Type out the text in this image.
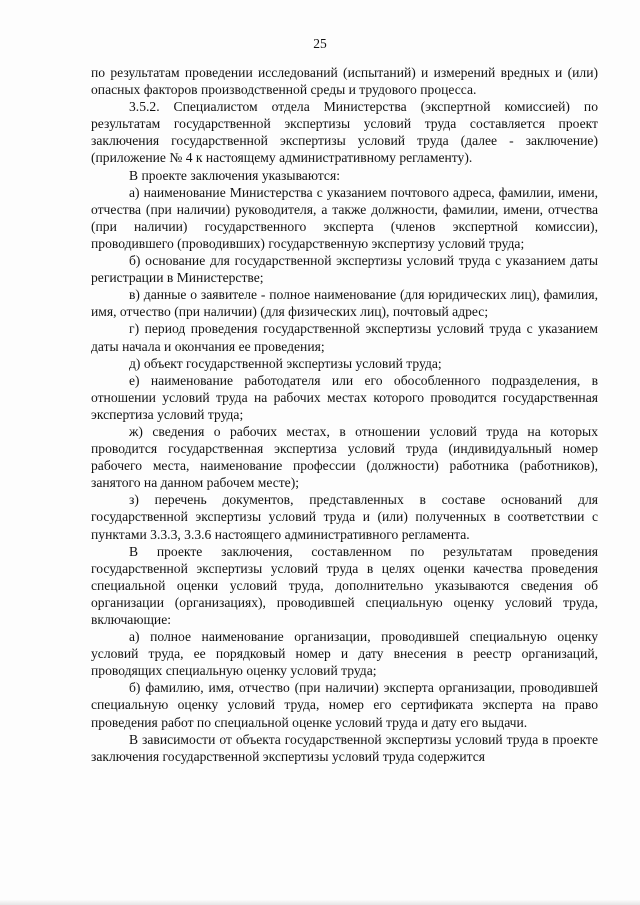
25

по результатам проведении исследований (испытаний) и измерений вредных и (или) опасных факторов производственной среды и трудового процесса.

3.5.2. Специалистом отдела Министерства (экспертной комиссией) по результатам государственной экспертизы условий труда составляется проект заключения государственной экспертизы условий труда (далее - заключение) (приложение № 4 к настоящему административному регламенту).

В проекте заключения указываются:

а) наименование Министерства с указанием почтового адреса, фамилии, имени, отчества (при наличии) руководителя, а также должности, фамилии, имени, отчества (при наличии) государственного эксперта (членов экспертной комиссии), проводившего (проводивших) государственную экспертизу условий труда;

б) основание для государственной экспертизы условий труда с указанием даты регистрации в Министерстве;

в) данные о заявителе - полное наименование (для юридических лиц), фамилия, имя, отчество (при наличии) (для физических лиц), почтовый адрес;

г) период проведения государственной экспертизы условий труда с указанием даты начала и окончания ее проведения;

д) объект государственной экспертизы условий труда;

е) наименование работодателя или его обособленного подразделения, в отношении условий труда на рабочих местах которого проводится государственная экспертиза условий труда;

ж) сведения о рабочих местах, в отношении условий труда на которых проводится государственная экспертиза условий труда (индивидуальный номер рабочего места, наименование профессии (должности) работника (работников), занятого на данном рабочем месте);

з) перечень документов, представленных в составе оснований для государственной экспертизы условий труда и (или) полученных в соответствии с пунктами 3.3.3, 3.3.6 настоящего административного регламента.

В проекте заключения, составленном по результатам проведения государственной экспертизы условий труда в целях оценки качества проведения специальной оценки условий труда, дополнительно указываются сведения об организации (организациях), проводившей специальную оценку условий труда, включающие:

а) полное наименование организации, проводившей специальную оценку условий труда, ее порядковый номер и дату внесения в реестр организаций, проводящих специальную оценку условий труда;

б) фамилию, имя, отчество (при наличии) эксперта организации, проводившей специальную оценку условий труда, номер его сертификата эксперта на право проведения работ по специальной оценке условий труда и дату его выдачи.

В зависимости от объекта государственной экспертизы условий труда в проекте заключения государственной экспертизы условий труда содержится
